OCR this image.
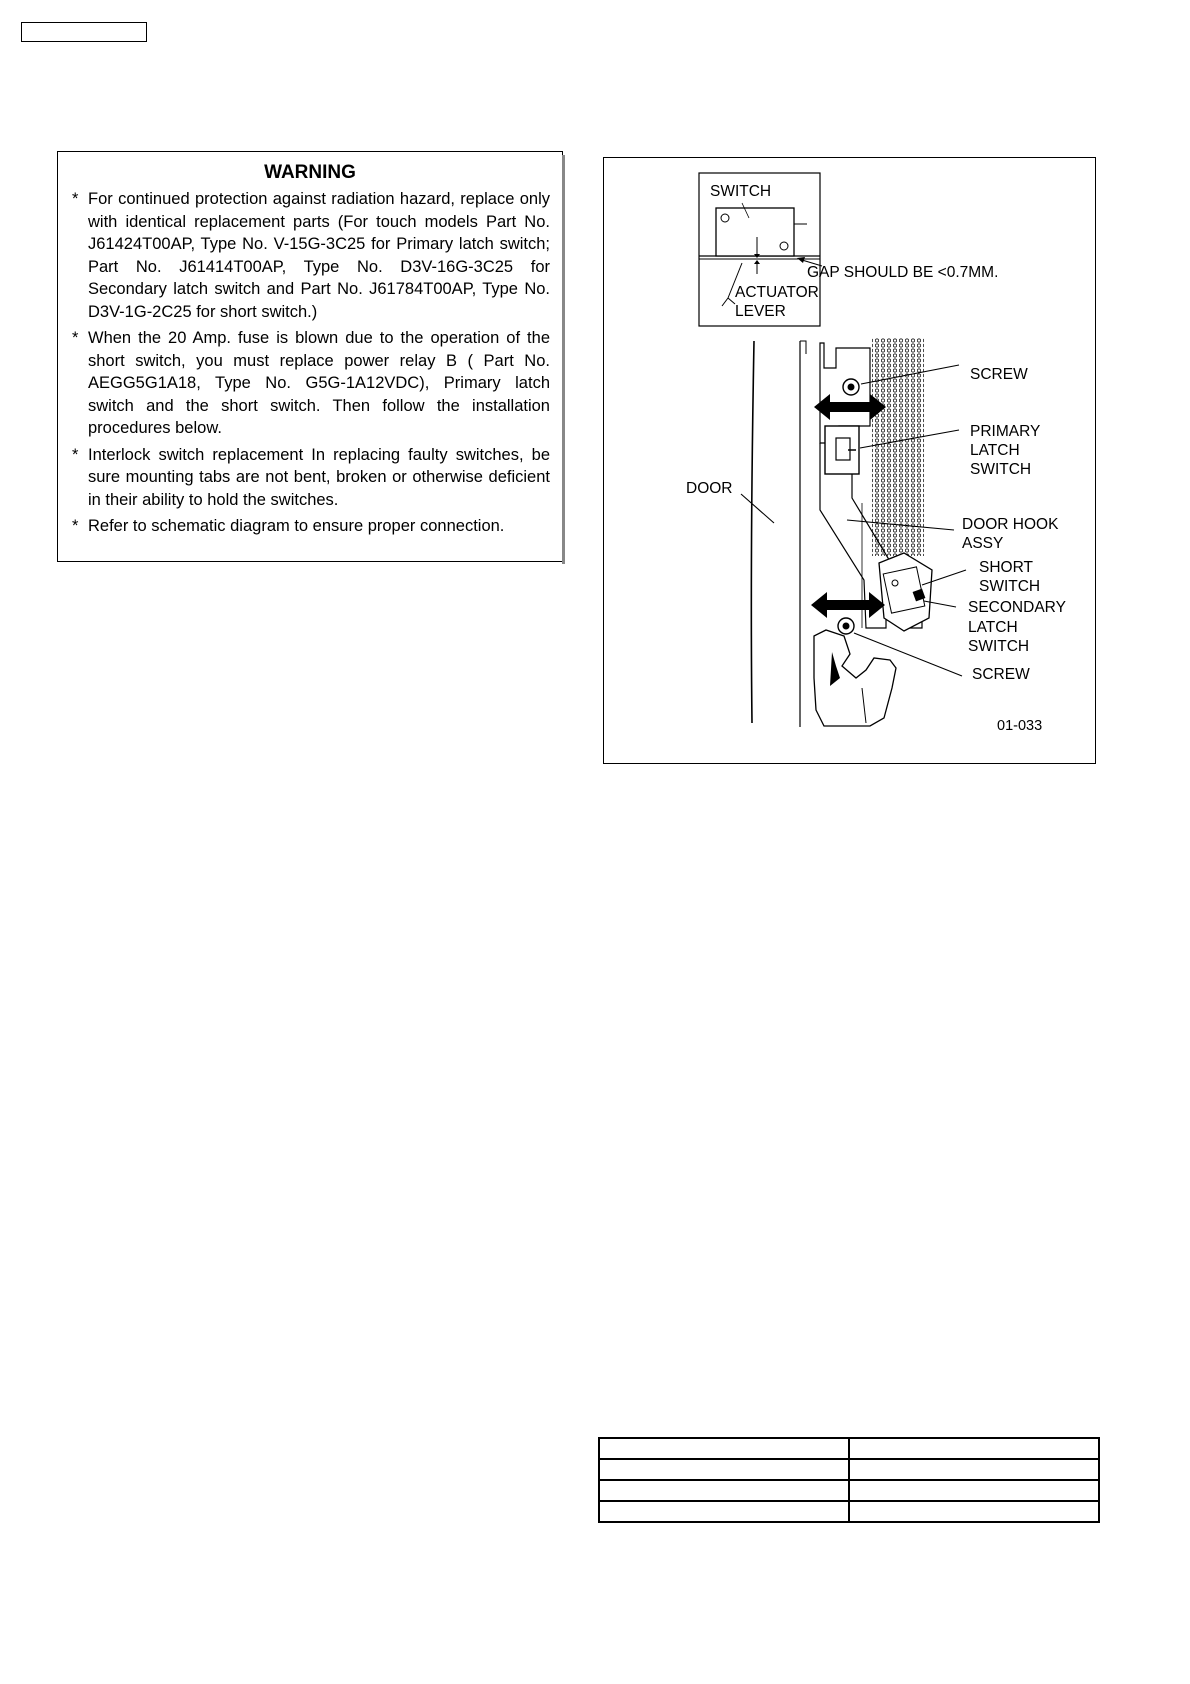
WARNING
* For continued protection against radiation hazard, replace only with identical replacement parts (For touch models Part No. J61424T00AP, Type No. V-15G-3C25 for Primary latch switch; Part No. J61414T00AP, Type No. D3V-16G-3C25 for Secondary latch switch and Part No. J61784T00AP, Type No. D3V-1G-2C25 for short switch.)
* When the 20 Amp. fuse is blown due to the operation of the short switch, you must replace power relay B ( Part No. AEGG5G1A18, Type No. G5G-1A12VDC), Primary latch switch and the short switch. Then follow the installation procedures below.
* Interlock switch replacement In replacing faulty switches, be sure mounting tabs are not bent, broken or otherwise deficient in their ability to hold the switches.
* Refer to schematic diagram to ensure proper connection.
SWITCH
GAP SHOULD BE <0.7MM.
ACTUATOR
LEVER
DOOR
SCREW
PRIMARY
LATCH
SWITCH
DOOR HOOK
ASSY
SHORT
SWITCH
SECONDARY
LATCH
SWITCH
SCREW
01-033
